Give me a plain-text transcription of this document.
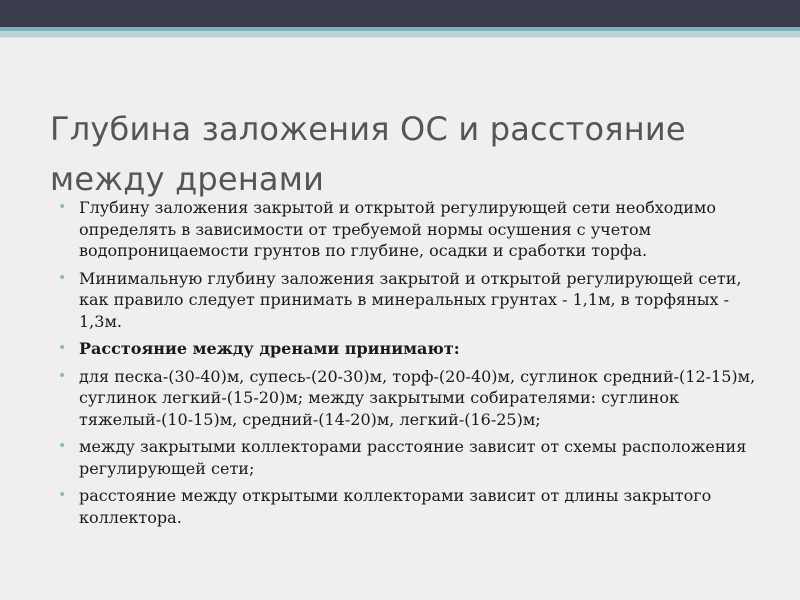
Глубина заложения ОС и расстояние между дренами
• Глубину заложения закрытой и открытой регулирующей сети необходимо определять в зависимости от требуемой нормы осушения с учетом водопроницаемости грунтов по глубине, осадки и сработки торфа.
• Минимальную глубину заложения закрытой и открытой регулирующей сети, как правило следует принимать в минеральных грунтах - 1,1м, в торфяных - 1,3м.
• Расстояние между дренами принимают:
• для песка-(30-40)м, супесь-(20-30)м, торф-(20-40)м, суглинок средний-(12-15)м, суглинок легкий-(15-20)м; между закрытыми собирателями: суглинок тяжелый-(10-15)м, средний-(14-20)м, легкий-(16-25)м;
• между закрытыми коллекторами расстояние зависит от схемы расположения регулирующей сети;
• расстояние между открытыми коллекторами зависит от длины закрытого коллектора.
